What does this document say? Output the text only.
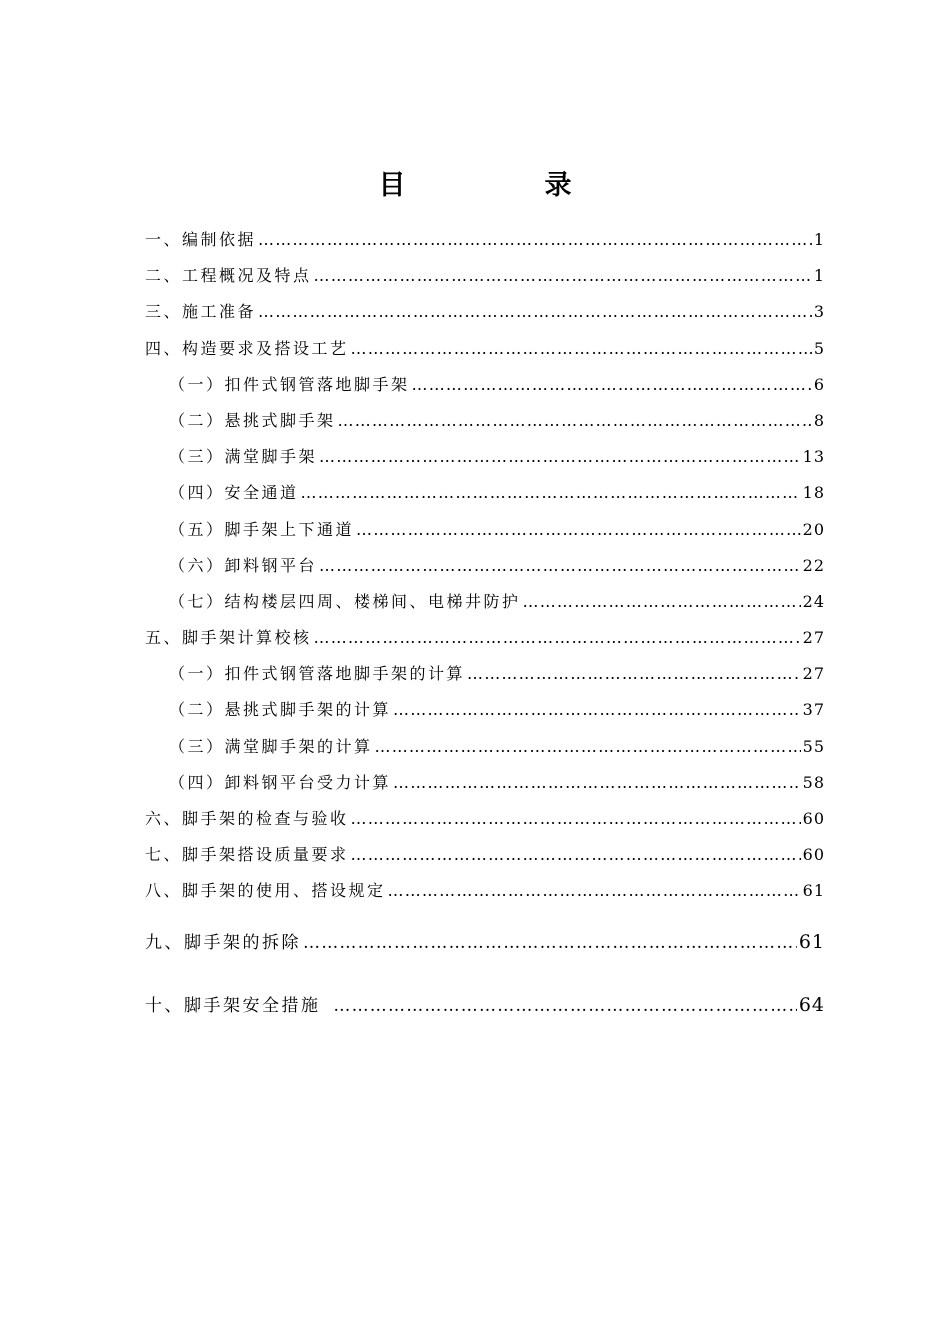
目　录
一、编制依据 …………………………………………………………………………………………………………………………………………………………………………………………	1
二、工程概况及特点 …………………………………………………………………………………………………………………………………………………………………………………………	1
三、施工准备 …………………………………………………………………………………………………………………………………………………………………………………………	3
四、构造要求及搭设工艺 …………………………………………………………………………………………………………………………………………………………………………………………	5
（一）扣件式钢管落地脚手架 …………………………………………………………………………………………………………………………………………………………………………………………	6
（二）悬挑式脚手架 …………………………………………………………………………………………………………………………………………………………………………………………	8
（三）满堂脚手架 …………………………………………………………………………………………………………………………………………………………………………………………	13
（四）安全通道 …………………………………………………………………………………………………………………………………………………………………………………………	18
（五）脚手架上下通道 …………………………………………………………………………………………………………………………………………………………………………………………	20
（六）卸料钢平台 …………………………………………………………………………………………………………………………………………………………………………………………	22
（七）结构楼层四周、楼梯间、电梯井防护 …………………………………………………………………………………………………………………………………………………………………………………………	24
五、脚手架计算校核 …………………………………………………………………………………………………………………………………………………………………………………………	27
（一）扣件式钢管落地脚手架的计算 …………………………………………………………………………………………………………………………………………………………………………………………	27
（二）悬挑式脚手架的计算 …………………………………………………………………………………………………………………………………………………………………………………………	37
（三）满堂脚手架的计算 …………………………………………………………………………………………………………………………………………………………………………………………	55
（四）卸料钢平台受力计算 …………………………………………………………………………………………………………………………………………………………………………………………	58
六、脚手架的检查与验收 …………………………………………………………………………………………………………………………………………………………………………………………	60
七、脚手架搭设质量要求 …………………………………………………………………………………………………………………………………………………………………………………………	60
八、脚手架的使用、搭设规定 …………………………………………………………………………………………………………………………………………………………………………………………	61
九、脚手架的拆除 …………………………………………………………………………………………………………………………………………………………………………………………	61
十、脚手架安全措施 …………………………………………………………………………………………………………………………………………………………………………………………	64
